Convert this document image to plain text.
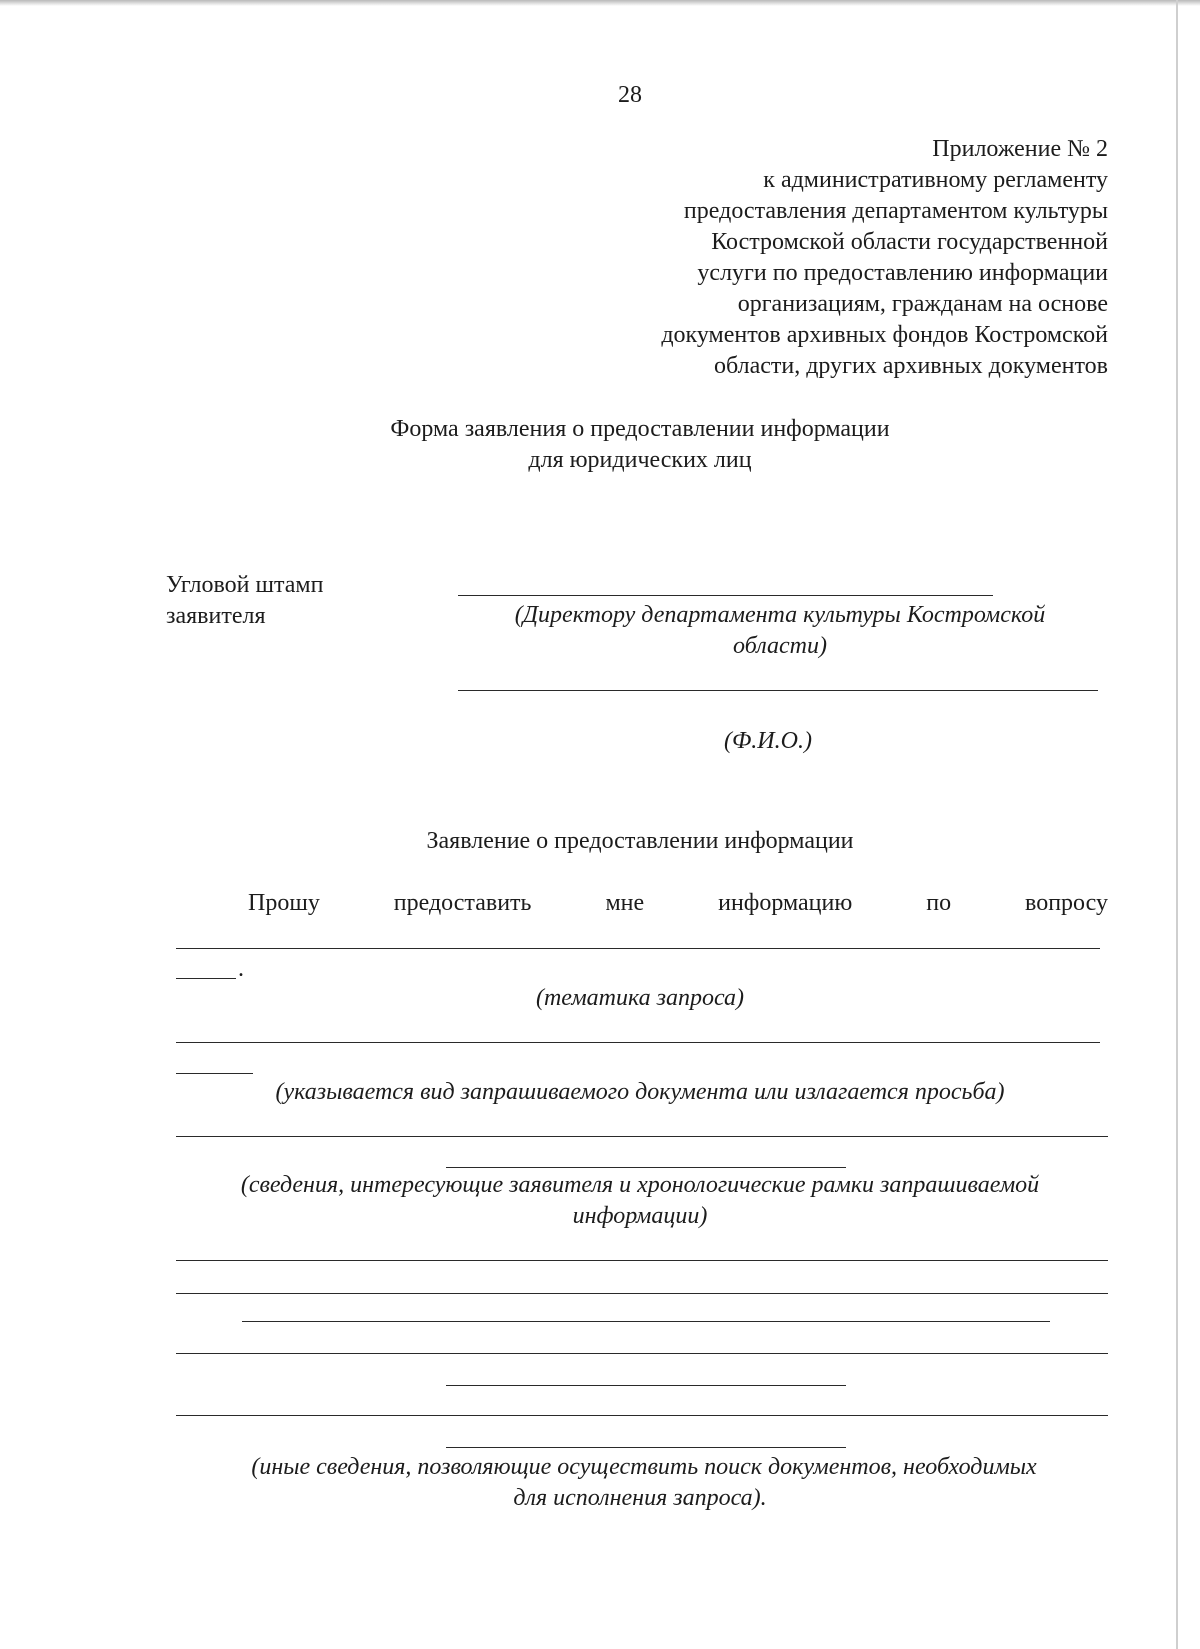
28
Приложение № 2
к административному регламенту
предоставления департаментом культуры
Костромской области государственной
услуги по предоставлению информации
организациям, гражданам на основе
документов архивных фондов Костромской
области, других архивных документов
Форма заявления о предоставлении информации
для юридических лиц
Угловой штамп
заявителя	(Директору департамента культуры Костромской
области)
(Ф.И.О.)
Заявление о предоставлении информации
Прошу	предоставить	мне	информацию	по	вопросу
.
(тематика запроса)
(указывается вид запрашиваемого документа или излагается просьба)
(сведения, интересующие заявителя и хронологические рамки запрашиваемой
информации)
(иные сведения, позволяющие осуществить поиск документов, необходимых
для исполнения запроса).
